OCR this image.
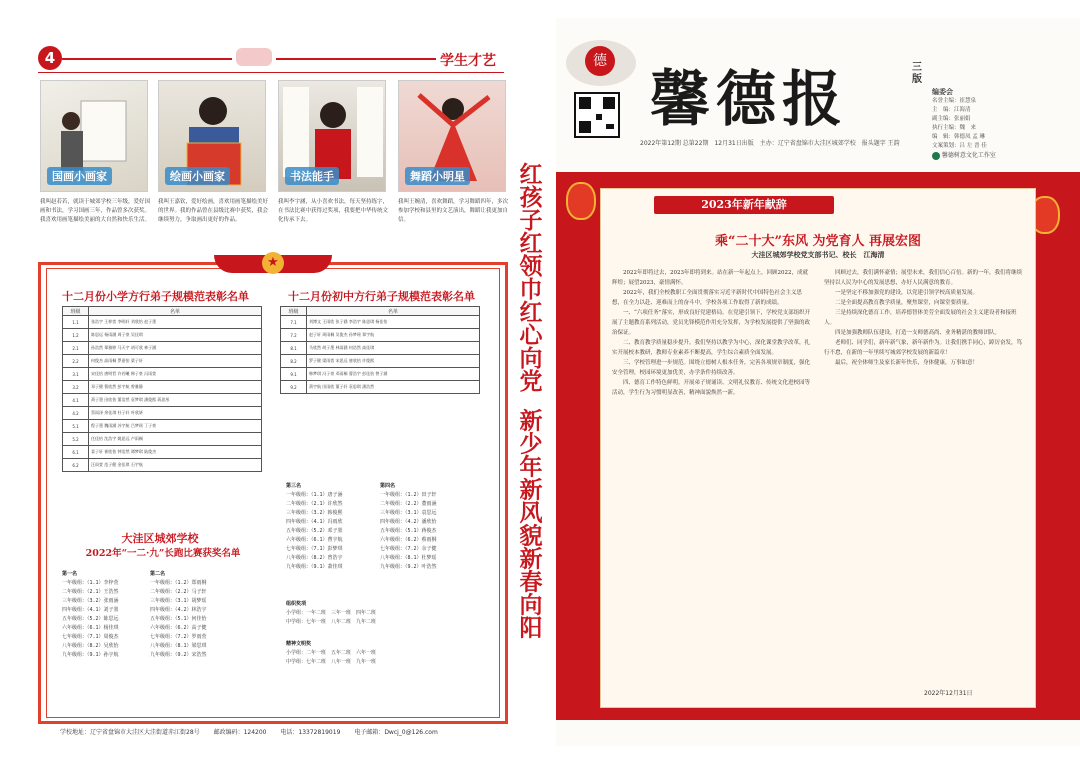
4	学生才艺
国画小画家	绘画小画家	书法能手	舞蹈小明星
我叫赵若若，就读于城郊学校三年级，爱好国画和书法，学习国画三年，作品曾多次获奖。我喜欢用画笔描绘美丽的大自然和快乐生活。
我叫王嘉钦，爱好绘画，喜欢用画笔描绘美好的世界。我的作品曾在县级比赛中获奖，我会继续努力，争取画出更好的作品。
我叫李宇涵，从小喜欢书法，每天坚持练字，在书法比赛中获得过奖项，我要把中华传统文化传承下去。
我叫王婉清，喜欢舞蹈，学习舞蹈四年，多次参加学校和县里的文艺演出，舞蹈让我更加自信。
★
十二月份小学方行弟子规模范表彰名单
班级	名单
1.1	张浩宇 王梓萱 李明轩 刘欣怡 赵子墨
1.2	陈思远 杨雨涵 周子豪 吴佳琪
2.1	孙浩然 郑雅婷 马天宇 胡可欣 林子涵
2.2	何俊杰 高雨桐 罗嘉怡 梁子轩
3.1	宋佳怡 唐明哲 许若曦 韩子豪 冯雨萱
3.2	邓子健 曹欣然 彭宇航 曾雅静
4.1	萧子墨 田欣怡 董浩然 袁梦琪 潘俊熙 蒋思彤
4.2	蔡雨泽 余佳琪 杜子轩 叶欣妍
5.1	程子墨 魏雨涵 苏宇航 吕梦瑶 丁子豪
5.2	任佳怡 沈浩宇 姚思远 卢雨桐
6.1	姜子轩 崔欣怡 钟浩然 谭梦琪 陆俊杰
6.2	汪雨萱 范子健 金佳琪 石宇航
十二月份初中方行弟子规模范表彰名单
班级	名单
7.1	刘博文 王雨欣 张子涵 李浩宇 陈思琪 杨佳怡
7.2	赵子轩 周雨桐 吴俊杰 孙梦瑶 郑宇航
8.1	马欣然 胡子墨 林雨涵 何浩然 高佳琪
8.2	罗子健 梁雨萱 宋思远 唐欣怡 许俊熙
9.1	韩梦琪 冯子豪 邓雨桐 曹浩宇 彭佳怡 曾子涵
9.2	萧宇航 田雨欣 董子轩 袁思琪 潘浩然
大洼区城郊学校
2022年“一二·九”长跑比赛获奖名单
第一名
一年级组：（1.1）李梓萱
二年级组：（2.1）王浩然
三年级组：（3.2）张雨涵
四年级组：（4.1）刘子墨
五年级组：（5.2）陈思远
六年级组：（6.1）杨佳琪
七年级组：（7.1）周俊杰
八年级组：（8.2）吴欣怡
九年级组：（9.1）孙宇航
第二名
一年级组：（1.2）郑雨桐
二年级组：（2.2）马子轩
三年级组：（3.1）胡梦瑶
四年级组：（4.2）林浩宇
五年级组：（5.1）何佳怡
六年级组：（6.2）高子健
七年级组：（7.2）罗雨萱
八年级组：（8.1）梁思琪
九年级组：（9.2）宋浩然
第三名
一年级组：（1.1）唐子涵
二年级组：（2.1）许欣然
三年级组：（3.2）韩俊熙
四年级组：（4.1）冯雨欣
五年级组：（5.2）邓子墨
六年级组：（6.1）曹宇航
七年级组：（7.1）彭梦琪
八年级组：（8.2）曾浩宇
九年级组：（9.1）萧佳琪
第四名
一年级组：（1.2）田子轩
二年级组：（2.2）董雨涵
三年级组：（3.1）袁思远
四年级组：（4.2）潘欣怡
五年级组：（5.1）蒋俊杰
六年级组：（6.2）蔡雨桐
七年级组：（7.2）余子健
八年级组：（8.1）杜梦瑶
九年级组：（9.2）叶浩然
组织奖项
小学组：一年二班　三年一班　四年二班
中学组：七年一班　八年二班　九年二班
精神文明奖
小学组：二年一班　五年二班　六年一班
中学组：七年二班　八年一班　九年一班
学校地址：辽宁省盘锦市大洼区大洼街道赤江街28号 邮政编码：124200 电话：13372819019 电子邮箱：Dwcj_0@126.com
红孩子红领巾红心向党  新少年新风貌新春向阳
德
馨德报	三版
2022年第12期 总第22期　12月31日出版　主办：辽宁省盘锦市大洼区城郊学校　报头题字 王韵
编委会
名誉主编：崔慧泉
主　编：江海清
副主编：张丽娟
执行主编：魏　来
编　辑：韩德凤 孟 琳
文案策划：吕 左 晋 佳
馨德树意文化工作室
2023年新年献辞
乘“二十大”东风 为党育人 再展宏图
大洼区城郊学校党支部书记、校长　江海清

2022年即将过去，2023年即将到来。站在新一年起点上，回顾2022，成就辉煌；展望2023，豪情满怀。

2022年，我们全校教职工全面贯彻落实习近平新时代中国特色社会主义思想，在全力以赴、迎难而上的奋斗中，学校各项工作取得了新的成绩。

一、“六项任务”落实，形成良好党建格局。在党建引领下，学校党支部组织开展了主题教育系列活动，党员先锋模范作用充分发挥，为学校发展提供了坚强的政治保证。

二、教育教学质量稳步提升。我们坚持以教学为中心，深化课堂教学改革，扎实开展校本教研，教师专业素养不断提高，学生综合素质全面发展。

三、学校管理进一步规范。围绕立德树人根本任务，完善各项规章制度，强化安全管理，校园环境更加优美，办学条件持续改善。

四、德育工作特色鲜明。开展弟子规诵读、文明礼仪教育、传统文化进校园等活动，学生行为习惯明显改善，精神面貌焕然一新。

回顾过去，我们满怀豪情；展望未来，我们信心百倍。新的一年，我们将继续坚持以人民为中心的发展思想，办好人民满意的教育。

一是坚定不移加强党的建设，以党建引领学校高质量发展。

二是全面提高教育教学质量，聚焦课堂，向课堂要质量。

三是持续深化德育工作，培养德智体美劳全面发展的社会主义建设者和接班人。

四是加强教师队伍建设，打造一支师德高尚、业务精湛的教师团队。

老师们、同学们，新年新气象，新年新作为。让我们携手同心，踔厉奋发，笃行不怠，在新的一年里续写城郊学校发展的新篇章！

最后，祝全体师生及家长新年快乐，身体健康，万事如意！

2022年12月31日
